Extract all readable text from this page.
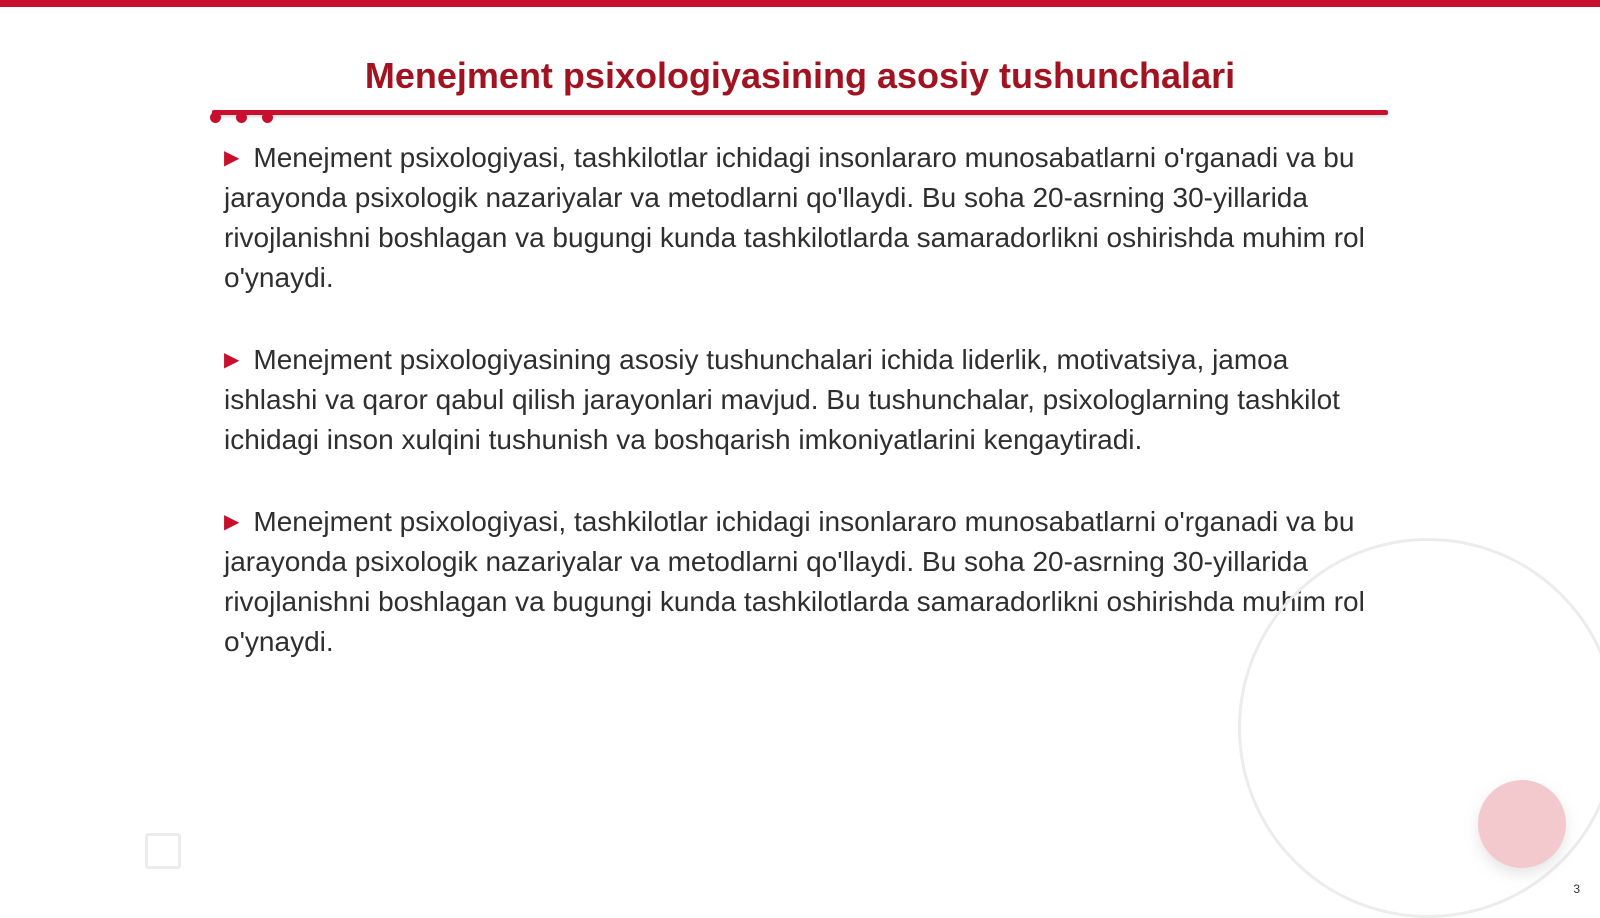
Menejment psixologiyasining asosiy tushunchalari

▶ Menejment psixologiyasi, tashkilotlar ichidagi insonlararo munosabatlarni o'rganadi va bu jarayonda psixologik nazariyalar va metodlarni qo'llaydi. Bu soha 20-asrning 30-yillarida rivojlanishni boshlagan va bugungi kunda tashkilotlarda samaradorlikni oshirishda muhim rol o'ynaydi.

▶ Menejment psixologiyasining asosiy tushunchalari ichida liderlik, motivatsiya, jamoa ishlashi va qaror qabul qilish jarayonlari mavjud. Bu tushunchalar, psixologlarning tashkilot ichidagi inson xulqini tushunish va boshqarish imkoniyatlarini kengaytiradi.

▶ Menejment psixologiyasi, tashkilotlar ichidagi insonlararo munosabatlarni o'rganadi va bu jarayonda psixologik nazariyalar va metodlarni qo'llaydi. Bu soha 20-asrning 30-yillarida rivojlanishni boshlagan va bugungi kunda tashkilotlarda samaradorlikni oshirishda muhim rol o'ynaydi.

3
